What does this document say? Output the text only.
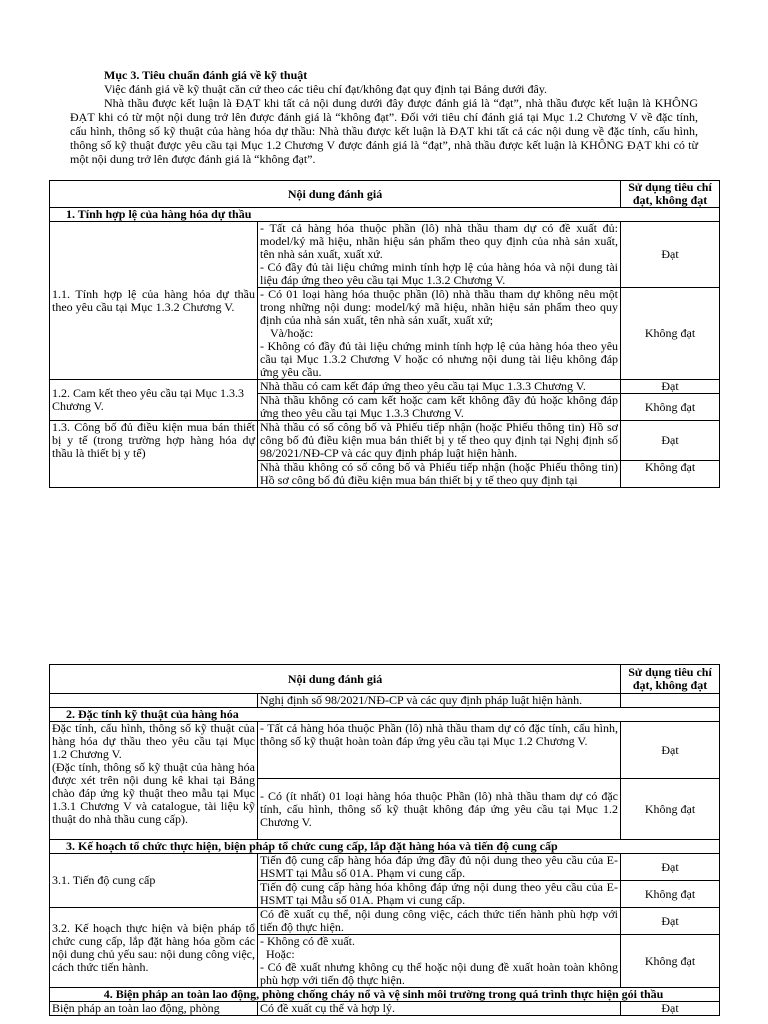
Mục 3. Tiêu chuẩn đánh giá về kỹ thuật
Việc đánh giá về kỹ thuật căn cứ theo các tiêu chí đạt/không đạt quy định tại Bảng dưới đây.
Nhà thầu được kết luận là ĐẠT khi tất cả nội dung dưới đây được đánh giá là “đạt”, nhà thầu được kết luận là KHÔNG ĐẠT khi có từ một nội dung trở lên được đánh giá là “không đạt”. Đối với tiêu chí đánh giá tại Mục 1.2 Chương V về đặc tính, cấu hình, thông số kỹ thuật của hàng hóa dự thầu: Nhà thầu được kết luận là ĐẠT khi tất cả các nội dung về đặc tính, cấu hình, thông số kỹ thuật được yêu cầu tại Mục 1.2 Chương V được đánh giá là “đạt”, nhà thầu được kết luận là KHÔNG ĐẠT khi có từ một nội dung trở lên được đánh giá là “không đạt”.
Nội dung đánh giá		Sử dụng tiêu chí đạt, không đạt
1. Tính hợp lệ của hàng hóa dự thầu		
1.1. Tính hợp lệ của hàng hóa dự thầu theo yêu cầu tại Mục 1.3.2 Chương V.	- Tất cả hàng hóa thuộc phần (lô) nhà thầu tham dự có đề xuất đủ: model/ký mã hiệu, nhãn hiệu sản phẩm theo quy định của nhà sản xuất, tên nhà sản xuất, xuất xứ.
- Có đầy đủ tài liệu chứng minh tính hợp lệ của hàng hóa và nội dung tài liệu đáp ứng theo yêu cầu tại Mục 1.3.2 Chương V.	Đạt

	- Có 01 loại hàng hóa thuộc phần (lô) nhà thầu tham dự không nêu một trong những nội dung: model/ký mã hiệu, nhãn hiệu sản phẩm theo quy định của nhà sản xuất, tên nhà sản xuất, xuất xứ;
Và/hoặc:
- Không có đầy đủ tài liệu chứng minh tính hợp lệ của hàng hóa theo yêu cầu tại Mục 1.3.2 Chương V hoặc có nhưng nội dung tài liệu không đáp ứng yêu cầu.	Không đạt
1.2. Cam kết theo yêu cầu tại Mục 1.3.3 Chương V.	Nhà thầu có cam kết đáp ứng theo yêu cầu tại Mục 1.3.3 Chương V.	Đạt
	Nhà thầu không có cam kết hoặc cam kết không đầy đủ hoặc không đáp ứng theo yêu cầu tại Mục 1.3.3 Chương V.	Không đạt
1.3. Công bố đủ điều kiện mua bán thiết bị y tế (trong trường hợp hàng hóa dự thầu là thiết bị y tế)	Nhà thầu có số công bố và Phiếu tiếp nhận (hoặc Phiếu thông tin) Hồ sơ công bố đủ điều kiện mua bán thiết bị y tế theo quy định tại Nghị định số 98/2021/NĐ-CP và các quy định pháp luật hiện hành.	Đạt
	Nhà thầu không có số công bố và Phiếu tiếp nhận (hoặc Phiếu thông tin) Hồ sơ công bố đủ điều kiện mua bán thiết bị y tế theo quy định tại	Không đạt
Nội dung đánh giá		Sử dụng tiêu chí đạt, không đạt
	Nghị định số 98/2021/NĐ-CP và các quy định pháp luật hiện hành.	
2. Đặc tính kỹ thuật của hàng hóa		

Đặc tính, cấu hình, thông số kỹ thuật của hàng hóa dự thầu theo yêu cầu tại Mục 1.2 Chương V.
(Đặc tính, thông số kỹ thuật của hàng hóa được xét trên nội dung kê khai tại Bảng chào đáp ứng kỹ thuật theo mẫu tại Mục 1.3.1 Chương V và catalogue, tài liệu kỹ thuật do nhà thầu cung cấp).	- Tất cả hàng hóa thuộc Phần (lô) nhà thầu tham dự có đặc tính, cấu hình, thông số kỹ thuật hoàn toàn đáp ứng yêu cầu tại Mục 1.2 Chương V.	Đạt
	- Có (ít nhất) 01 loại hàng hóa thuộc Phần (lô) nhà thầu tham dự có đặc tính, cấu hình, thông số kỹ thuật không đáp ứng yêu cầu tại Mục 1.2 Chương V.	Không đạt
3. Kế hoạch tổ chức thực hiện, biện pháp tổ chức cung cấp, lắp đặt hàng hóa và tiến độ cung cấp		
3.1. Tiến độ cung cấp	Tiến độ cung cấp hàng hóa đáp ứng đầy đủ nội dung theo yêu cầu của E-HSMT tại Mẫu số 01A. Phạm vi cung cấp.	Đạt
	Tiến độ cung cấp hàng hóa không đáp ứng nội dung theo yêu cầu của E-HSMT tại Mẫu số 01A. Phạm vi cung cấp.	Không đạt
3.2. Kế hoạch thực hiện và biện pháp tổ chức cung cấp, lắp đặt hàng hóa gồm các nội dung chủ yếu sau: nội dung công việc, cách thức tiến hành.	Có đề xuất cụ thể, nội dung công việc, cách thức tiến hành phù hợp với tiến độ thực hiện.	Đạt

	- Không có đề xuất.
Hoặc:
- Có đề xuất nhưng không cụ thể hoặc nội dung đề xuất hoàn toàn không phù hợp với tiến độ thực hiện.	Không đạt
4. Biện pháp an toàn lao động, phòng chống cháy nổ và vệ sinh môi trường trong quá trình thực hiện gói thầu		
Biện pháp an toàn lao động, phòng	Có đề xuất cụ thể và hợp lý.	Đạt
